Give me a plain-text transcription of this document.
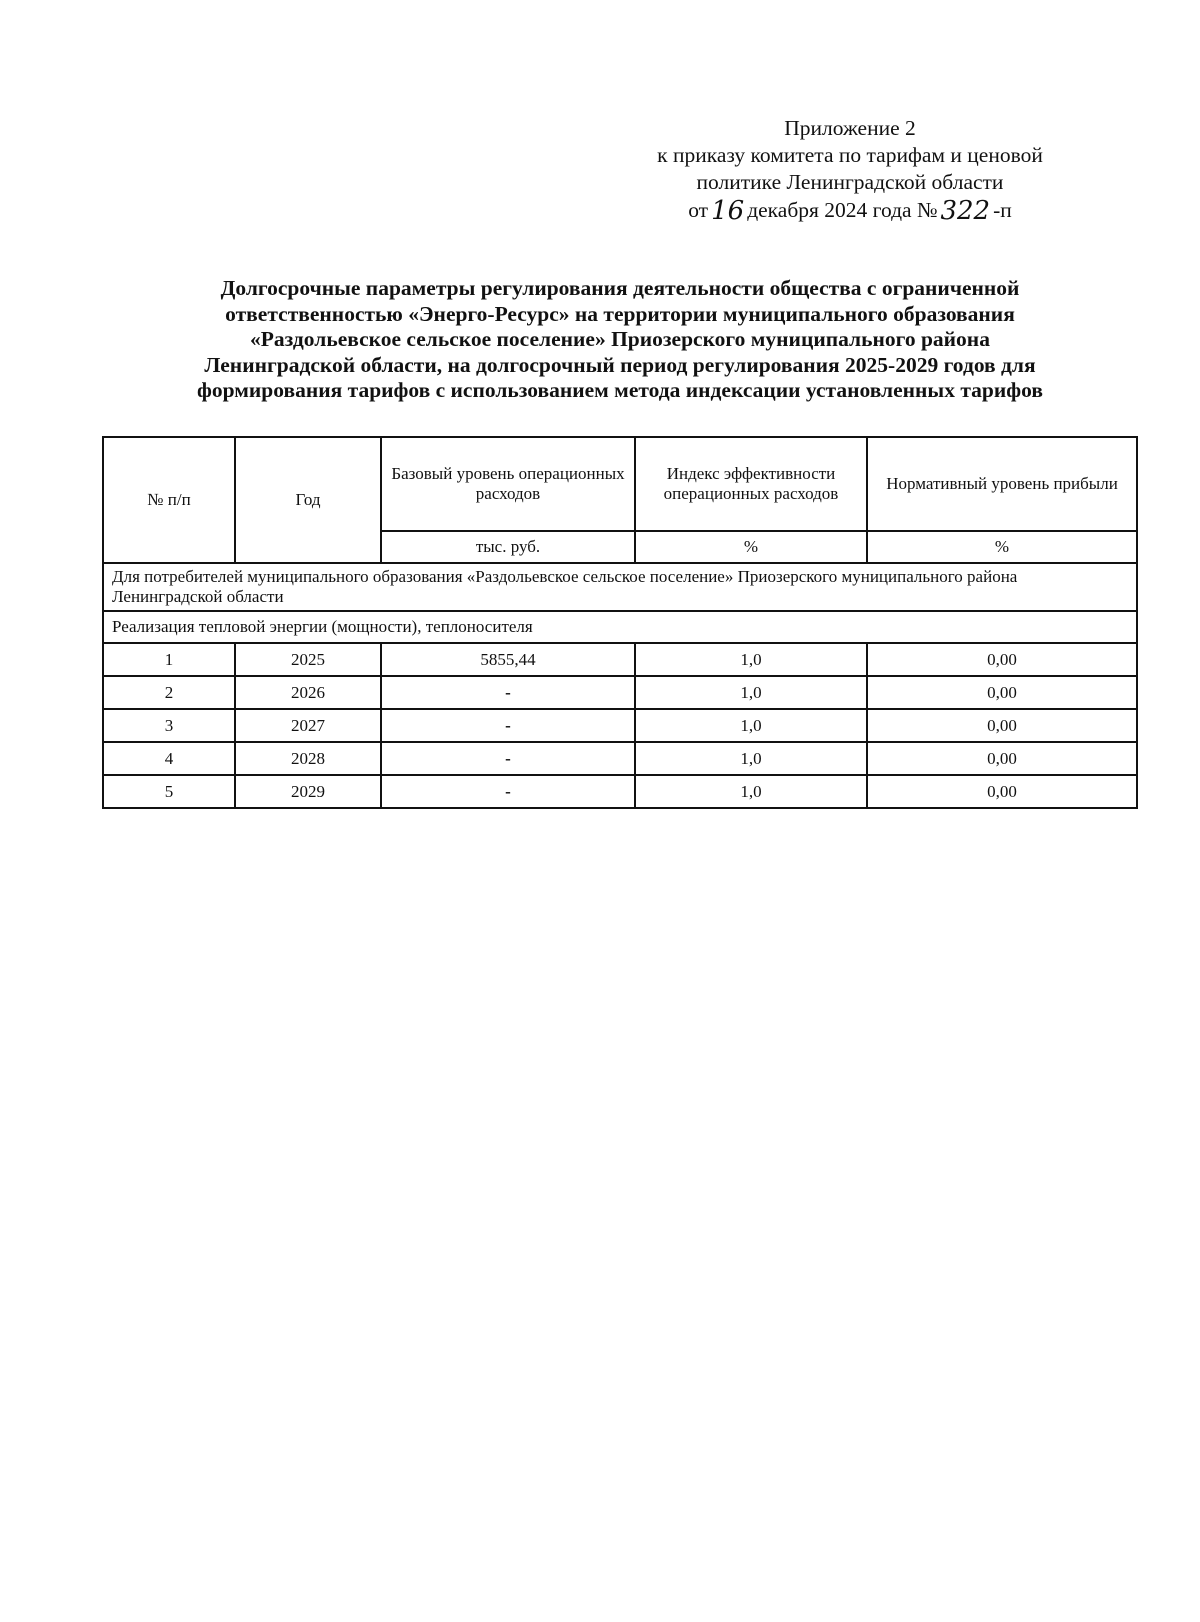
Приложение 2
к приказу комитета по тарифам и ценовой
политике Ленинградской области
от 16 декабря 2024 года № 322 -п
Долгосрочные параметры регулирования деятельности общества с ограниченной
ответственностью «Энерго-Ресурс» на территории муниципального образования
«Раздольевское сельское поселение» Приозерского муниципального района
Ленинградской области, на долгосрочный период регулирования 2025-2029 годов для
формирования тарифов с использованием метода индексации установленных тарифов
№ п/п	Год	Базовый уровень операционных расходов	Индекс эффективности операционных расходов	Нормативный уровень прибыли
		тыс. руб.	%	%
Для потребителей муниципального образования «Раздольевское сельское поселение» Приозерского муниципального района Ленинградской области				
Реализация тепловой энергии (мощности), теплоносителя				
1	2025	5855,44	1,0	0,00
2	2026	-	1,0	0,00
3	2027	-	1,0	0,00
4	2028	-	1,0	0,00
5	2029	-	1,0	0,00
